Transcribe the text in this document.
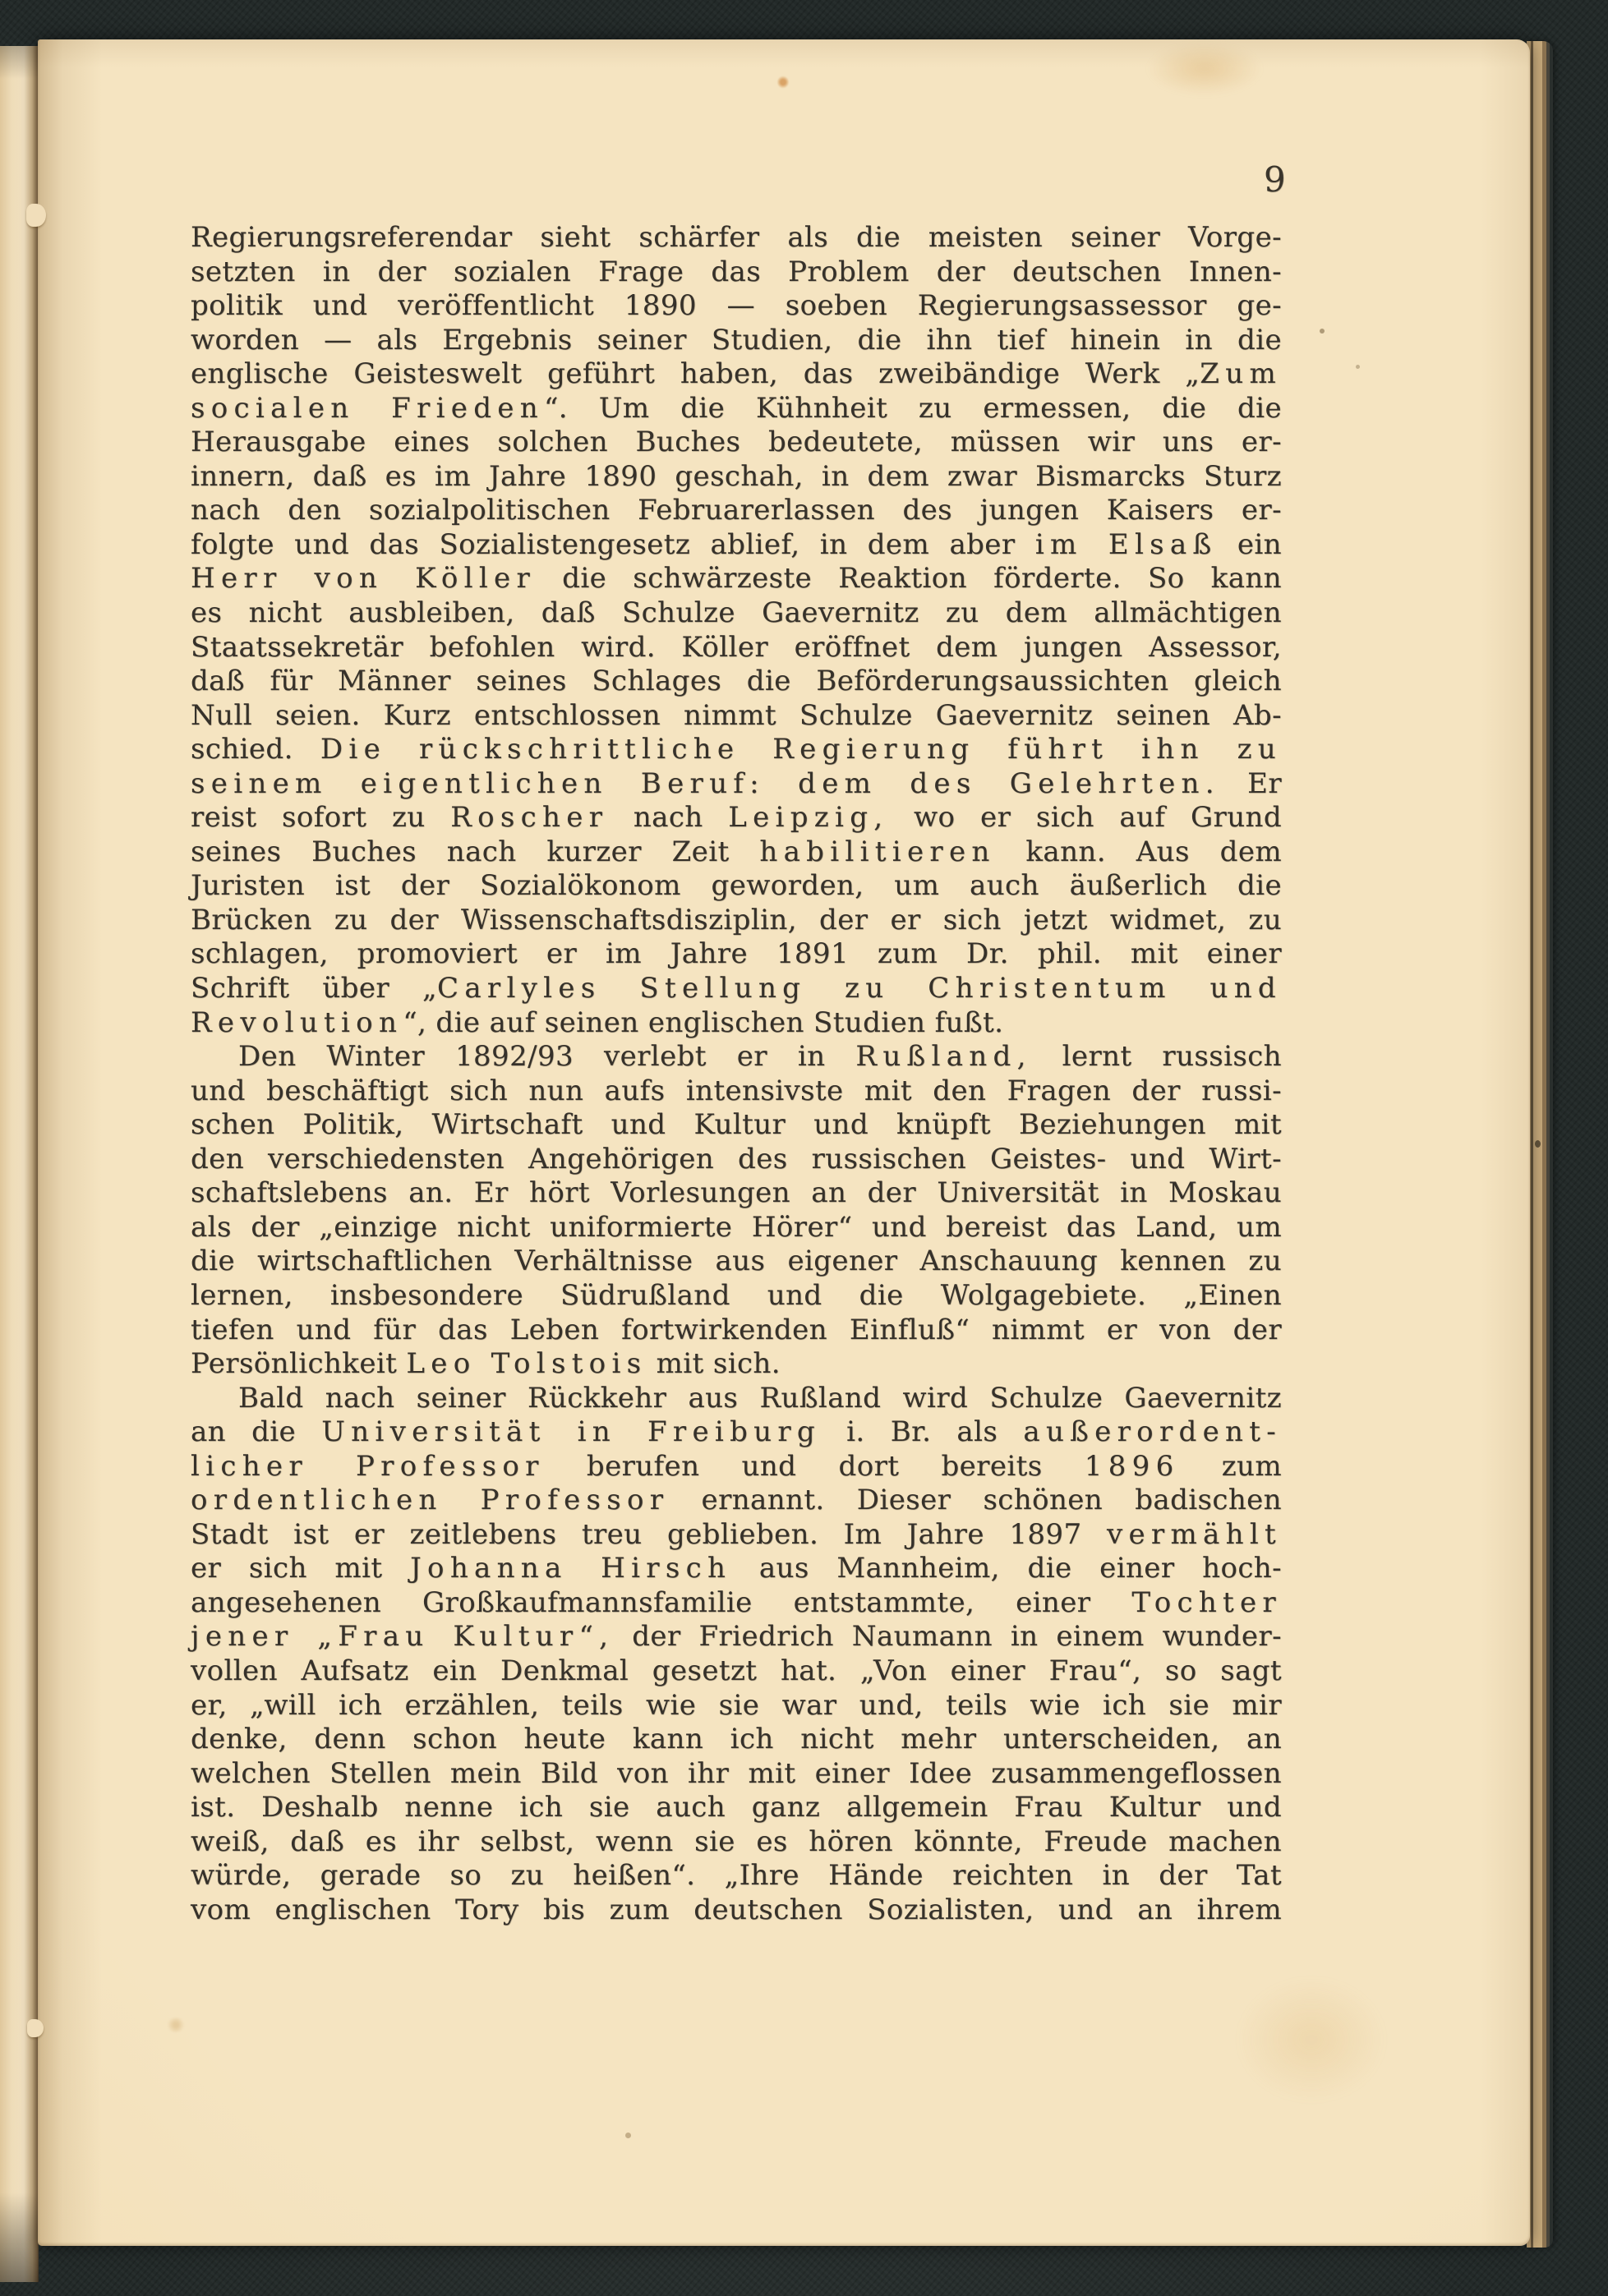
9
Regierungsreferendar sieht schärfer als die meisten seiner Vorge-
setzten in der sozialen Frage das Problem der deutschen Innen-
politik und veröffentlicht 1890 — soeben Regierungsassessor ge-
worden — als Ergebnis seiner Studien, die ihn tief hinein in die
englische Geisteswelt geführt haben, das zweibändige Werk „Zum
socialen Frieden“. Um die Kühnheit zu ermessen, die die
Herausgabe eines solchen Buches bedeutete, müssen wir uns er-
innern, daß es im Jahre 1890 geschah, in dem zwar Bismarcks Sturz
nach den sozialpolitischen Februarerlassen des jungen Kaisers er-
folgte und das Sozialistengesetz ablief, in dem aber im Elsaß ein
Herr von Köller die schwärzeste Reaktion förderte. So kann
es nicht ausbleiben, daß Schulze Gaevernitz zu dem allmächtigen
Staatssekretär befohlen wird. Köller eröffnet dem jungen Assessor,
daß für Männer seines Schlages die Beförderungsaussichten gleich
Null seien. Kurz entschlossen nimmt Schulze Gaevernitz seinen Ab-
schied. Die rückschrittliche Regierung führt ihn zu
seinem eigentlichen Beruf: dem des Gelehrten. Er
reist sofort zu Roscher nach Leipzig, wo er sich auf Grund
seines Buches nach kurzer Zeit habilitieren kann. Aus dem
Juristen ist der Sozialökonom geworden, um auch äußerlich die
Brücken zu der Wissenschaftsdisziplin, der er sich jetzt widmet, zu
schlagen, promoviert er im Jahre 1891 zum Dr. phil. mit einer
Schrift über „Carlyles Stellung zu Christentum und
Revolution“, die auf seinen englischen Studien fußt.
Den Winter 1892/93 verlebt er in Rußland, lernt russisch
und beschäftigt sich nun aufs intensivste mit den Fragen der russi-
schen Politik, Wirtschaft und Kultur und knüpft Beziehungen mit
den verschiedensten Angehörigen des russischen Geistes- und Wirt-
schaftslebens an. Er hört Vorlesungen an der Universität in Moskau
als der „einzige nicht uniformierte Hörer“ und bereist das Land, um
die wirtschaftlichen Verhältnisse aus eigener Anschauung kennen zu
lernen, insbesondere Südrußland und die Wolgagebiete. „Einen
tiefen und für das Leben fortwirkenden Einfluß“ nimmt er von der
Persönlichkeit Leo Tolstois mit sich.
Bald nach seiner Rückkehr aus Rußland wird Schulze Gaevernitz
an die Universität in Freiburg i. Br. als außerordent-
licher Professor berufen und dort bereits 1896 zum
ordentlichen Professor ernannt. Dieser schönen badischen
Stadt ist er zeitlebens treu geblieben. Im Jahre 1897 vermählt
er sich mit Johanna Hirsch aus Mannheim, die einer hoch-
angesehenen Großkaufmannsfamilie entstammte, einer Tochter
jener „Frau Kultur“, der Friedrich Naumann in einem wunder-
vollen Aufsatz ein Denkmal gesetzt hat. „Von einer Frau“, so sagt
er, „will ich erzählen, teils wie sie war und, teils wie ich sie mir
denke, denn schon heute kann ich nicht mehr unterscheiden, an
welchen Stellen mein Bild von ihr mit einer Idee zusammengeflossen
ist. Deshalb nenne ich sie auch ganz allgemein Frau Kultur und
weiß, daß es ihr selbst, wenn sie es hören könnte, Freude machen
würde, gerade so zu heißen“. „Ihre Hände reichten in der Tat
vom englischen Tory bis zum deutschen Sozialisten, und an ihrem
